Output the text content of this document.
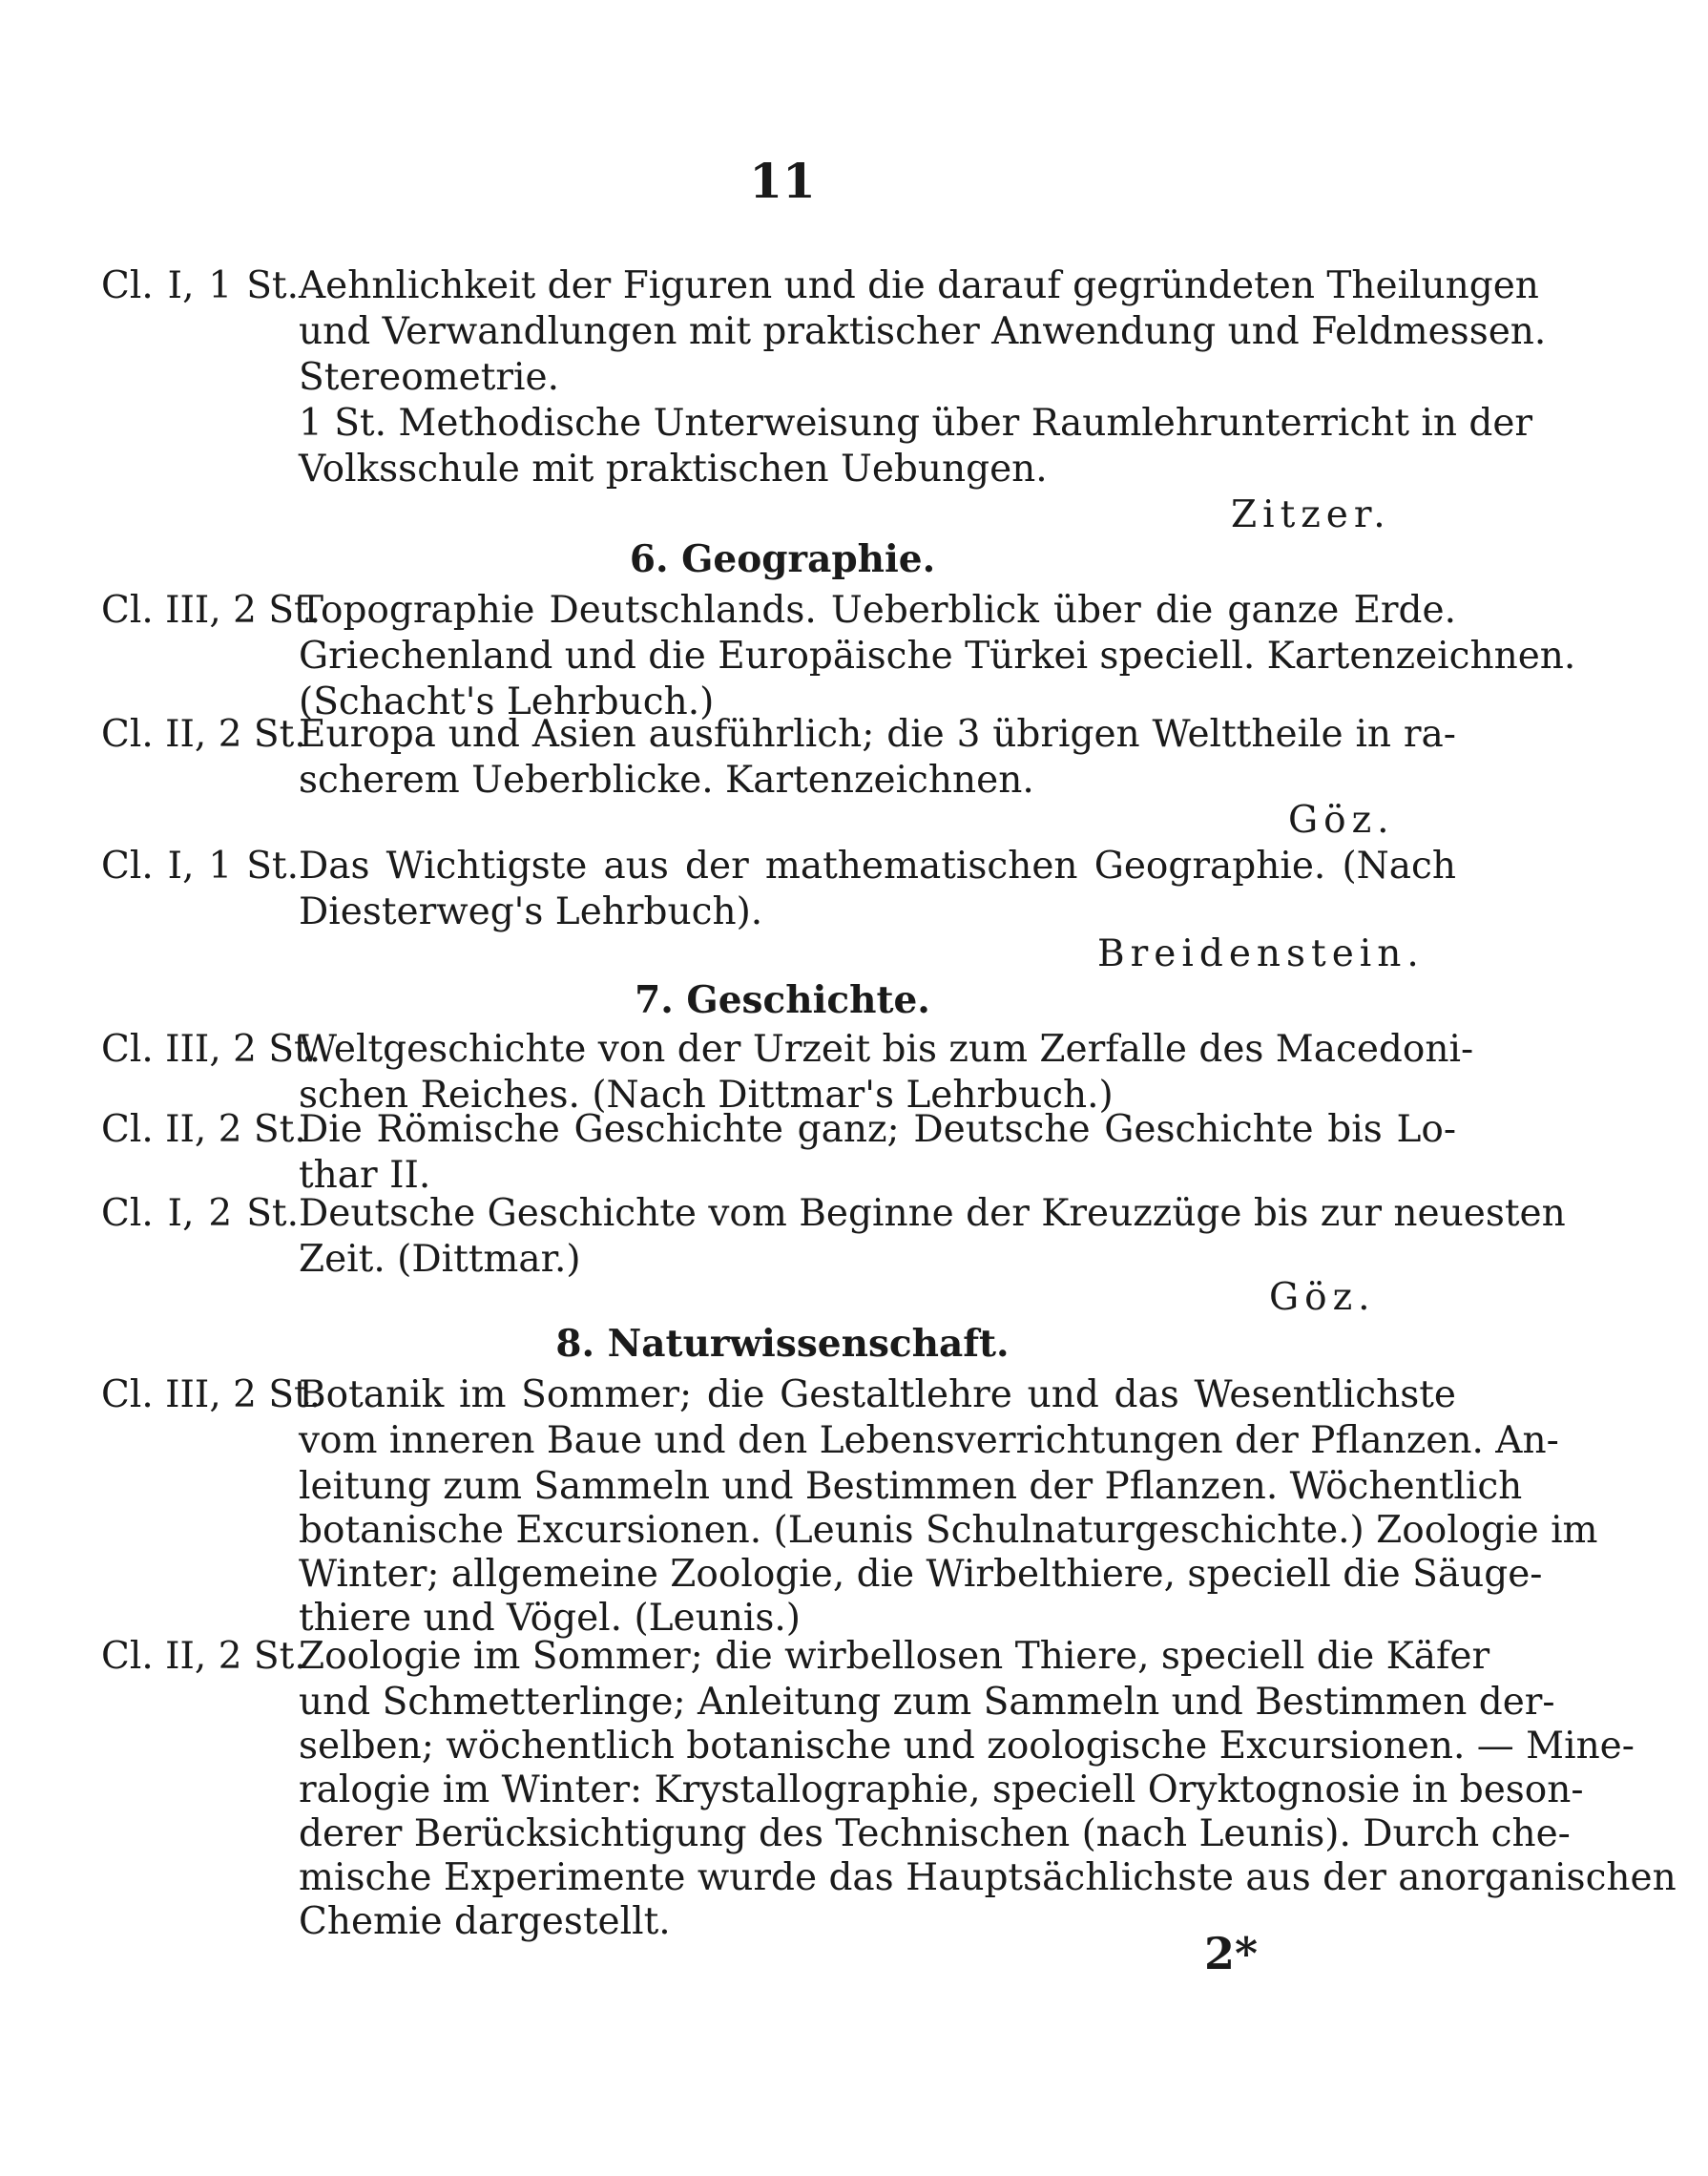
11
Cl. I, 1 St.Aehnlichkeit der Figuren und die darauf gegründeten Theilungen
und Verwandlungen mit praktischer Anwendung und Feldmessen.
Stereometrie.
1 St. Methodische Unterweisung über Raumlehrunterricht in der
Volksschule mit praktischen Uebungen.
Zitzer.
6. Geographie.
Cl. III, 2 St.Topographie Deutschlands. Ueberblick über die ganze Erde.
Griechenland und die Europäische Türkei speciell. Kartenzeichnen.
(Schacht's Lehrbuch.)
Cl. II, 2 St.Europa und Asien ausführlich; die 3 übrigen Welttheile in ra-
scherem Ueberblicke. Kartenzeichnen.
Göz.
Cl. I, 1 St.Das Wichtigste aus der mathematischen Geographie. (Nach
Diesterweg's Lehrbuch).
Breidenstein.
7. Geschichte.
Cl. III, 2 St.Weltgeschichte von der Urzeit bis zum Zerfalle des Macedoni-
schen Reiches. (Nach Dittmar's Lehrbuch.)
Cl. II, 2 St.Die Römische Geschichte ganz; Deutsche Geschichte bis Lo-
thar II.
Cl. I, 2 St.Deutsche Geschichte vom Beginne der Kreuzzüge bis zur neuesten
Zeit. (Dittmar.)
Göz.
8. Naturwissenschaft.
Cl. III, 2 St.Botanik im Sommer; die Gestaltlehre und das Wesentlichste
vom inneren Baue und den Lebensverrichtungen der Pflanzen. An-
leitung zum Sammeln und Bestimmen der Pflanzen. Wöchentlich
botanische Excursionen. (Leunis Schulnaturgeschichte.) Zoologie im
Winter; allgemeine Zoologie, die Wirbelthiere, speciell die Säuge-
thiere und Vögel. (Leunis.)
Cl. II, 2 St.Zoologie im Sommer; die wirbellosen Thiere, speciell die Käfer
und Schmetterlinge; Anleitung zum Sammeln und Bestimmen der-
selben; wöchentlich botanische und zoologische Excursionen. — Mine-
ralogie im Winter: Krystallographie, speciell Oryktognosie in beson-
derer Berücksichtigung des Technischen (nach Leunis). Durch che-
mische Experimente wurde das Hauptsächlichste aus der anorganischen
Chemie dargestellt.
2*
